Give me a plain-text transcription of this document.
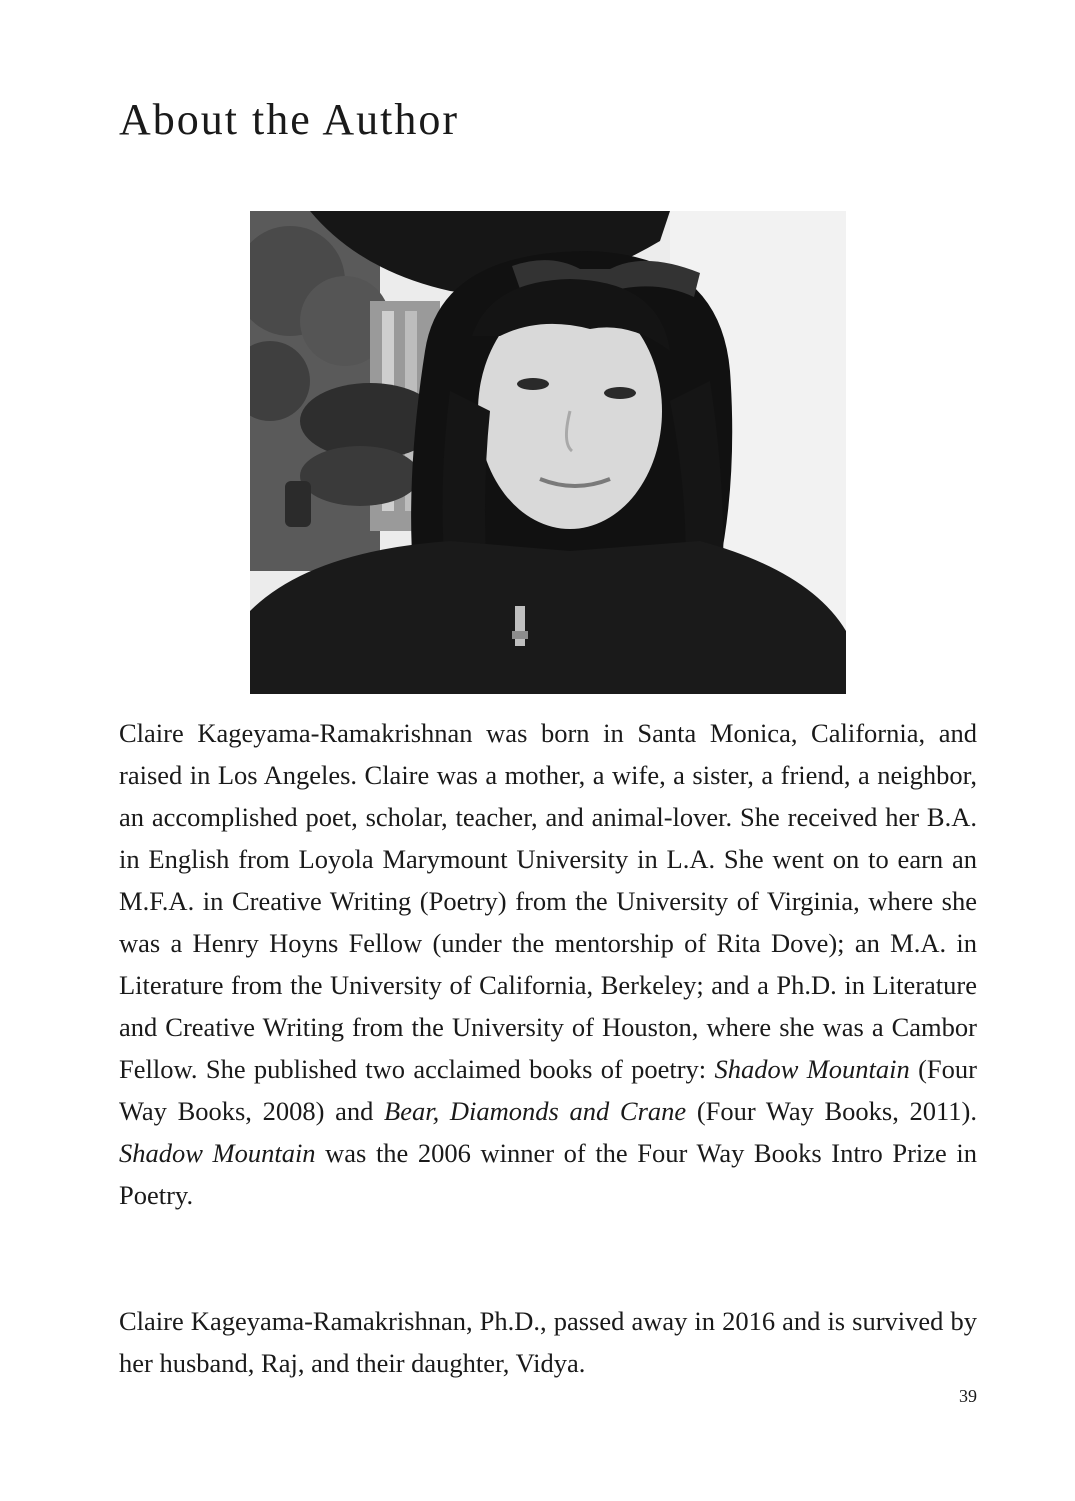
About the Author

Claire Kageyama-Ramakrishnan was born in Santa Monica, California, and raised in Los Angeles. Claire was a mother, a wife, a sister, a friend, a neighbor, an accomplished poet, scholar, teacher, and animal-lover. She received her B.A. in English from Loyola Marymount University in L.A. She went on to earn an M.F.A. in Creative Writing (Poetry) from the University of Virginia, where she was a Henry Hoyns Fellow (under the mentorship of Rita Dove); an M.A. in Literature from the University of California, Berkeley; and a Ph.D. in Literature and Creative Writing from the University of Houston, where she was a Cambor Fellow. She published two acclaimed books of poetry: Shadow Mountain (Four Way Books, 2008) and Bear, Diamonds and Crane (Four Way Books, 2011). Shadow Mountain was the 2006 winner of the Four Way Books Intro Prize in Poetry.

Claire Kageyama-Ramakrishnan, Ph.D., passed away in 2016 and is survived by her husband, Raj, and their daughter, Vidya.

39
